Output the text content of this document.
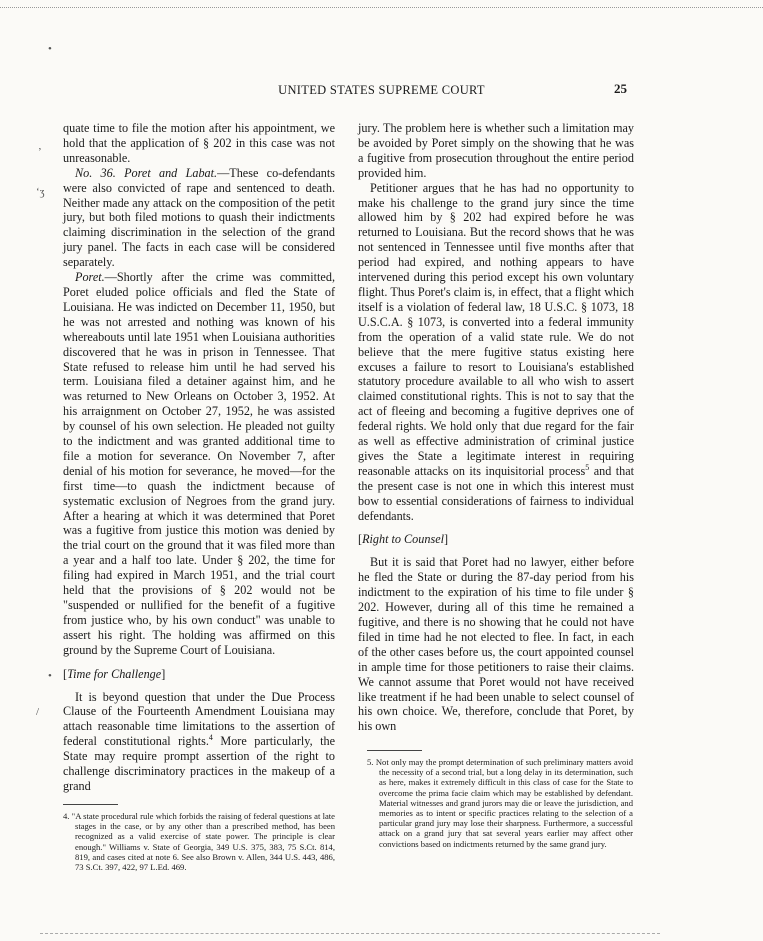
UNITED STATES SUPREME COURT	25
•
’
‘ʒ
•
/

quate time to file the motion after his appointment, we hold that the application of § 202 in this case was not unreasonable.

No. 36. Poret and Labat.—These co-defendants were also convicted of rape and sentenced to death. Neither made any attack on the composition of the petit jury, but both filed motions to quash their indictments claiming discrimination in the selection of the grand jury panel. The facts in each case will be considered separately.

Poret.—Shortly after the crime was committed, Poret eluded police officials and fled the State of Louisiana. He was indicted on December 11, 1950, but he was not arrested and nothing was known of his whereabouts until late 1951 when Louisiana authorities discovered that he was in prison in Tennessee. That State refused to release him until he had served his term. Louisiana filed a detainer against him, and he was returned to New Orleans on October 3, 1952. At his arraignment on October 27, 1952, he was assisted by counsel of his own selection. He pleaded not guilty to the indictment and was granted additional time to file a motion for severance. On November 7, after denial of his motion for severance, he moved—for the first time—to quash the indictment because of systematic exclusion of Negroes from the grand jury. After a hearing at which it was determined that Poret was a fugitive from justice this motion was denied by the trial court on the ground that it was filed more than a year and a half too late. Under § 202, the time for filing had expired in March 1951, and the trial court held that the provisions of § 202 would not be "suspended or nullified for the benefit of a fugitive from justice who, by his own conduct" was unable to assert his right. The holding was affirmed on this ground by the Supreme Court of Louisiana.

[Time for Challenge]

It is beyond question that under the Due Process Clause of the Fourteenth Amendment Louisiana may attach reasonable time limitations to the assertion of federal constitutional rights.$^4$ More particularly, the State may require prompt assertion of the right to challenge discriminatory practices in the makeup of a grand

4. "A state procedural rule which forbids the raising of federal questions at late stages in the case, or by any other than a prescribed method, has been recognized as a valid exercise of state power. The principle is clear enough." Williams v. State of Georgia, 349 U.S. 375, 383, 75 S.Ct. 814, 819, and cases cited at note 6. See also Brown v. Allen, 344 U.S. 443, 486, 73 S.Ct. 397, 422, 97 L.Ed. 469.

jury. The problem here is whether such a limitation may be avoided by Poret simply on the showing that he was a fugitive from prosecution throughout the entire period provided him.

Petitioner argues that he has had no opportunity to make his challenge to the grand jury since the time allowed him by § 202 had expired before he was returned to Louisiana. But the record shows that he was not sentenced in Tennessee until five months after that period had expired, and nothing appears to have intervened during this period except his own voluntary flight. Thus Poret's claim is, in effect, that a flight which itself is a violation of federal law, 18 U.S.C. § 1073, 18 U.S.C.A. § 1073, is converted into a federal immunity from the operation of a valid state rule. We do not believe that the mere fugitive status existing here excuses a failure to resort to Louisiana's established statutory procedure available to all who wish to assert claimed constitutional rights. This is not to say that the act of fleeing and becoming a fugitive deprives one of federal rights. We hold only that due regard for the fair as well as effective administration of criminal justice gives the State a legitimate interest in requiring reasonable attacks on its inquisitorial process$^5$ and that the present case is not one in which this interest must bow to essential considerations of fairness to individual defendants.

[Right to Counsel]

But it is said that Poret had no lawyer, either before he fled the State or during the 87-day period from his indictment to the expiration of his time to file under § 202. However, during all of this time he remained a fugitive, and there is no showing that he could not have filed in time had he not elected to flee. In fact, in each of the other cases before us, the court appointed counsel in ample time for those petitioners to raise their claims. We cannot assume that Poret would not have received like treatment if he had been unable to select counsel of his own choice. We, therefore, conclude that Poret, by his own

5. Not only may the prompt determination of such preliminary matters avoid the necessity of a second trial, but a long delay in its determination, such as here, makes it extremely difficult in this class of case for the State to overcome the prima facie claim which may be established by defendant. Material witnesses and grand jurors may die or leave the jurisdiction, and memories as to intent or specific practices relating to the selection of a particular grand jury may lose their sharpness. Furthermore, a successful attack on a grand jury that sat several years earlier may affect other convictions based on indictments returned by the same grand jury.
